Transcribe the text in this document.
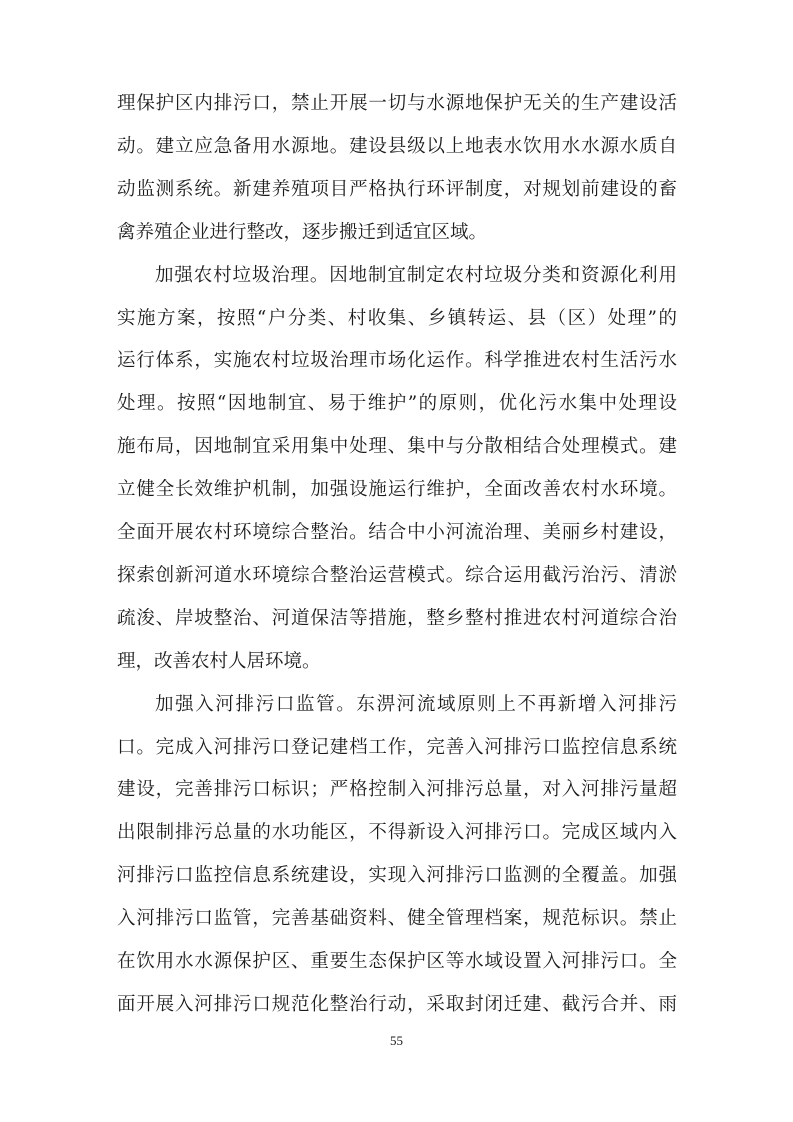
理保护区内排污口，禁止开展一切与水源地保护无关的生产建设活
动。建立应急备用水源地。建设县级以上地表水饮用水水源水质自
动监测系统。新建养殖项目严格执行环评制度，对规划前建设的畜
禽养殖企业进行整改，逐步搬迁到适宜区域。
加强农村垃圾治理。因地制宜制定农村垃圾分类和资源化利用
实施方案，按照“户分类、村收集、乡镇转运、县（区）处理”的
运行体系，实施农村垃圾治理市场化运作。科学推进农村生活污水
处理。按照“因地制宜、易于维护”的原则，优化污水集中处理设
施布局，因地制宜采用集中处理、集中与分散相结合处理模式。建
立健全长效维护机制，加强设施运行维护，全面改善农村水环境。
全面开展农村环境综合整治。结合中小河流治理、美丽乡村建设，
探索创新河道水环境综合整治运营模式。综合运用截污治污、清淤
疏浚、岸坡整治、河道保洁等措施，整乡整村推进农村河道综合治
理，改善农村人居环境。
55
加强入河排污口监管。东淠河流域原则上不再新增入河排污
口。完成入河排污口登记建档工作，完善入河排污口监控信息系统
建设，完善排污口标识；严格控制入河排污总量，对入河排污量超
出限制排污总量的水功能区，不得新设入河排污口。完成区域内入
河排污口监控信息系统建设，实现入河排污口监测的全覆盖。加强
入河排污口监管，完善基础资料、健全管理档案，规范标识。禁止
在饮用水水源保护区、重要生态保护区等水域设置入河排污口。全
面开展入河排污口规范化整治行动，采取封闭迁建、截污合并、雨
